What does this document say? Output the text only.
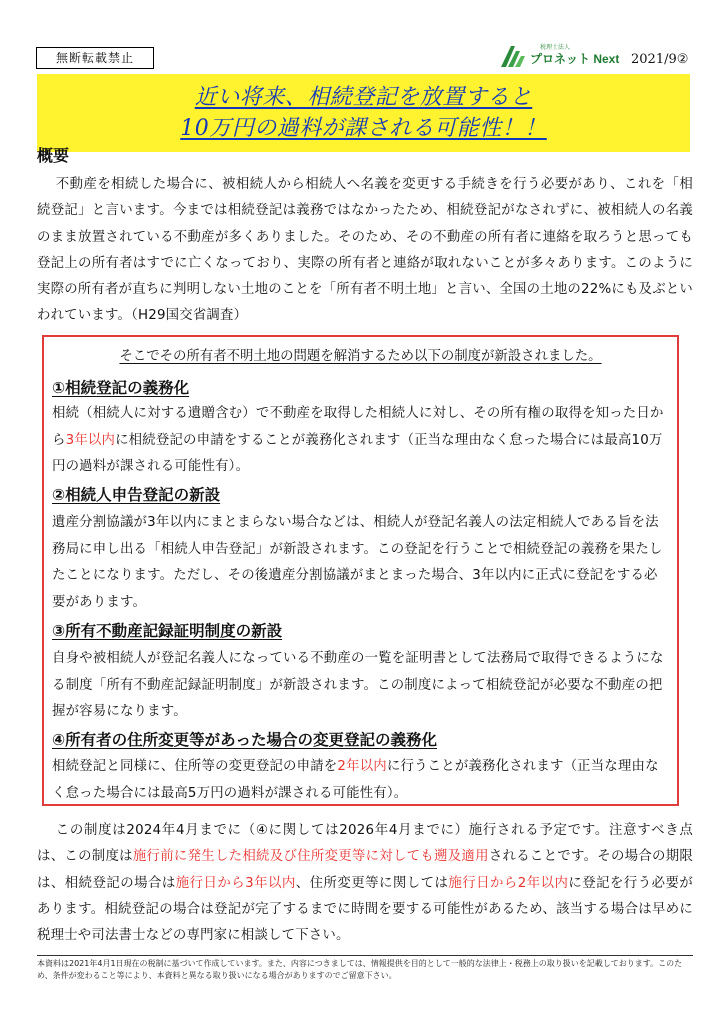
無断転載禁止
税理士法人
プロネット Next 2021/9②
近い将来、相続登記を放置すると
10万円の過料が課される可能性！！
概要

不動産を相続した場合に、被相続人から相続人へ名義を変更する手続きを行う必要があり、これを「相続登記」と言います。今までは相続登記は義務ではなかったため、相続登記がなされずに、被相続人の名義のまま放置されている不動産が多くありました。そのため、その不動産の所有者に連絡を取ろうと思っても登記上の所有者はすでに亡くなっており、実際の所有者と連絡が取れないことが多々あります。このように実際の所有者が直ちに判明しない土地のことを「所有者不明土地」と言い、全国の土地の22%にも及ぶといわれています。（H29国交省調査）

そこでその所有者不明土地の問題を解消するため以下の制度が新設されました。
①相続登記の義務化

相続（相続人に対する遺贈含む）で不動産を取得した相続人に対し、その所有権の取得を知った日から3年以内に相続登記の申請をすることが義務化されます（正当な理由なく怠った場合には最高10万円の過料が課される可能性有）。

②相続人申告登記の新設

遺産分割協議が3年以内にまとまらない場合などは、相続人が登記名義人の法定相続人である旨を法務局に申し出る「相続人申告登記」が新設されます。この登記を行うことで相続登記の義務を果たしたことになります。ただし、その後遺産分割協議がまとまった場合、3年以内に正式に登記をする必要があります。

③所有不動産記録証明制度の新設

自身や被相続人が登記名義人になっている不動産の一覧を証明書として法務局で取得できるようになる制度「所有不動産記録証明制度」が新設されます。この制度によって相続登記が必要な不動産の把握が容易になります。

④所有者の住所変更等があった場合の変更登記の義務化

相続登記と同様に、住所等の変更登記の申請を2年以内に行うことが義務化されます（正当な理由なく怠った場合には最高5万円の過料が課される可能性有）。

この制度は2024年4月までに（④に関しては2026年4月までに）施行される予定です。注意すべき点は、この制度は施行前に発生した相続及び住所変更等に対しても遡及適用されることです。その場合の期限は、相続登記の場合は施行日から3年以内、住所変更等に関しては施行日から2年以内に登記を行う必要があります。相続登記の場合は登記が完了するまでに時間を要する可能性があるため、該当する場合は早めに税理士や司法書士などの専門家に相談して下さい。

本資料は2021年4月1日現在の税制に基づいて作成しています。また、内容につきましては、情報提供を目的として一般的な法律上・税務上の取り扱いを記載しております。このため、条件が変わること等により、本資料と異なる取り扱いになる場合がありますのでご留意下さい。
